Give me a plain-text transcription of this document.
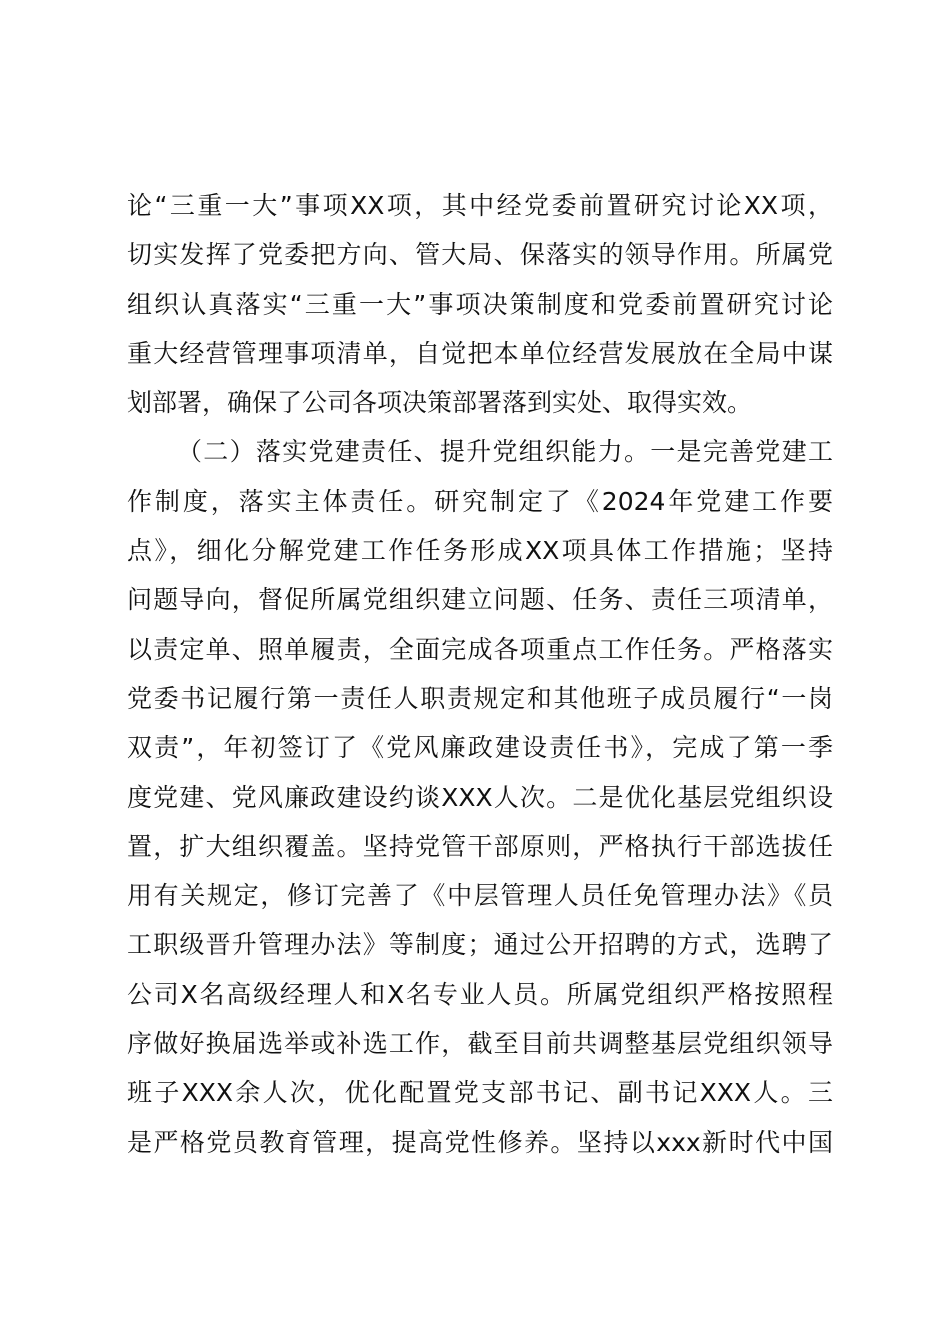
论“三重一大”事项XX项，其中经党委前置研究讨论XX项，
切实发挥了党委把方向、管大局、保落实的领导作用。所属党
组织认真落实“三重一大”事项决策制度和党委前置研究讨论
重大经营管理事项清单，自觉把本单位经营发展放在全局中谋
划部署，确保了公司各项决策部署落到实处、取得实效。
（二）落实党建责任、提升党组织能力。一是完善党建工
作制度，落实主体责任。研究制定了《2024年党建工作要
点》，细化分解党建工作任务形成XX项具体工作措施；坚持
问题导向，督促所属党组织建立问题、任务、责任三项清单，
以责定单、照单履责，全面完成各项重点工作任务。严格落实
党委书记履行第一责任人职责规定和其他班子成员履行“一岗
双责”，年初签订了《党风廉政建设责任书》，完成了第一季
度党建、党风廉政建设约谈XXX人次。二是优化基层党组织设
置，扩大组织覆盖。坚持党管干部原则，严格执行干部选拔任
用有关规定，修订完善了《中层管理人员任免管理办法》《员
工职级晋升管理办法》等制度；通过公开招聘的方式，选聘了
公司X名高级经理人和X名专业人员。所属党组织严格按照程
序做好换届选举或补选工作，截至目前共调整基层党组织领导
班子XXX余人次，优化配置党支部书记、副书记XXX人。三
是严格党员教育管理，提高党性修养。坚持以xxx新时代中国
